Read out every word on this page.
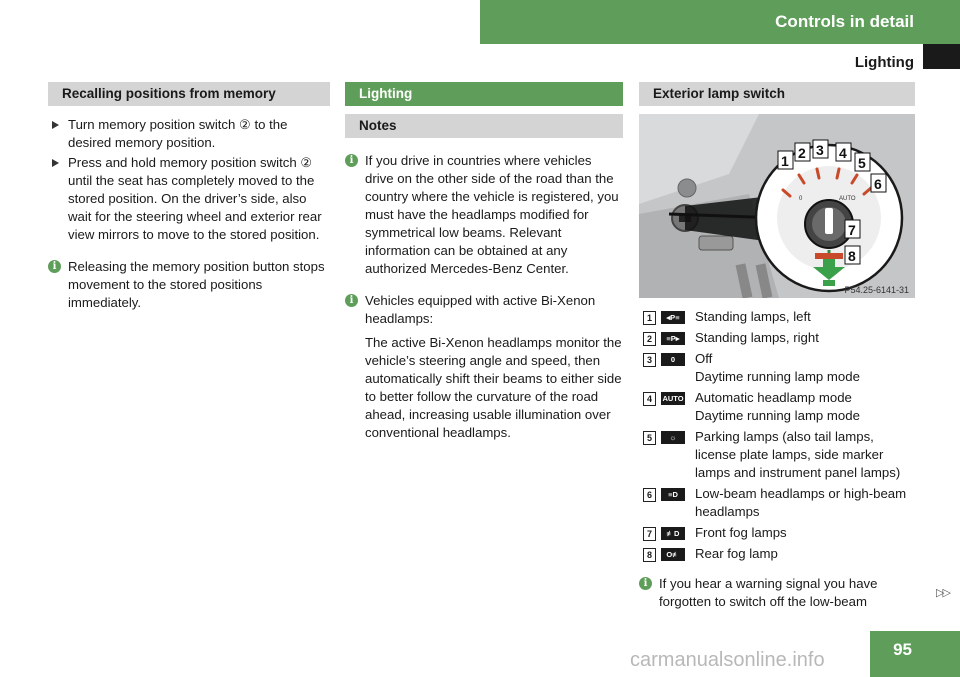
Controls in detail
Lighting
Recalling positions from memory

Turn memory position switch ② to the desired memory position.

Press and hold memory position switch ② until the seat has completely moved to the stored position. On the driver’s side, also wait for the steering wheel and exterior rear view mirrors to move to the stored position.

i Releasing the memory position button stops movement to the stored positions immediately.

Lighting
Notes
i If you drive in countries where vehicles drive on the other side of the road than the country where the vehicle is registered, you must have the headlamps modified for symmetrical low beams. Relevant information can be obtained at any authorized Mercedes-Benz Center.

i Vehicles equipped with active Bi-Xenon headlamps:

The active Bi-Xenon headlamps monitor the vehicle’s steering angle and speed, then automatically shift their beams to either side to better follow the curvature of the road ahead, increasing usable illumination over conventional headlamps.

Exterior lamp switch
0	AUTO
1 2 3 4
5
6
7
8
P54.25-6141-31
1	◂P≡	Standing lamps, left
2	≡P▸	Standing lamps, right
3	0	Off
Daytime running lamp mode
4	AUTO Automatic headlamp mode
Daytime running lamp mode
5	☼	Parking lamps (also tail lamps,
license plate lamps, side marker
lamps and instrument panel lamps)
6	≡D	Low-beam headlamps or high-beam
headlamps
7	≢D	Front fog lamps
8	O≢	Rear fog lamp
i If you hear a warning signal you have forgotten to switch off the low-beam

▷▷
95
carmanualsonline.info
